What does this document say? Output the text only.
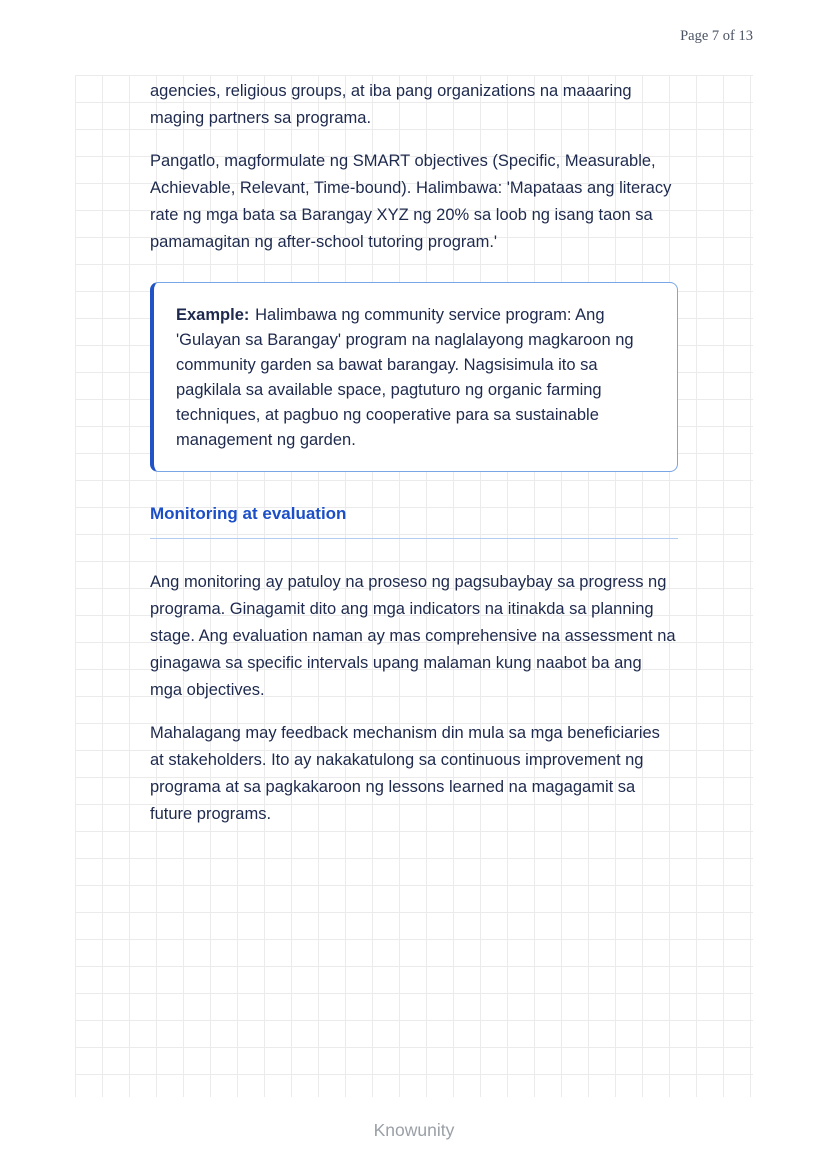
Page 7 of 13

agencies, religious groups, at iba pang organizations na maaaring maging partners sa programa.

Pangatlo, magformulate ng SMART objectives (Specific, Measurable, Achievable, Relevant, Time-bound). Halimbawa: 'Mapataas ang literacy rate ng mga bata sa Barangay XYZ ng 20% sa loob ng isang taon sa pamamagitan ng after-school tutoring program.'

Example: Halimbawa ng community service program: Ang 'Gulayan sa Barangay' program na naglalayong magkaroon ng community garden sa bawat barangay. Nagsisimula ito sa pagkilala sa available space, pagtuturo ng organic farming techniques, at pagbuo ng cooperative para sa sustainable management ng garden.
Monitoring at evaluation

Ang monitoring ay patuloy na proseso ng pagsubaybay sa progress ng programa. Ginagamit dito ang mga indicators na itinakda sa planning stage. Ang evaluation naman ay mas comprehensive na assessment na ginagawa sa specific intervals upang malaman kung naabot ba ang mga objectives.

Mahalagang may feedback mechanism din mula sa mga beneficiaries at stakeholders. Ito ay nakakatulong sa continuous improvement ng programa at sa pagkakaroon ng lessons learned na magagamit sa future programs.

Knowunity
